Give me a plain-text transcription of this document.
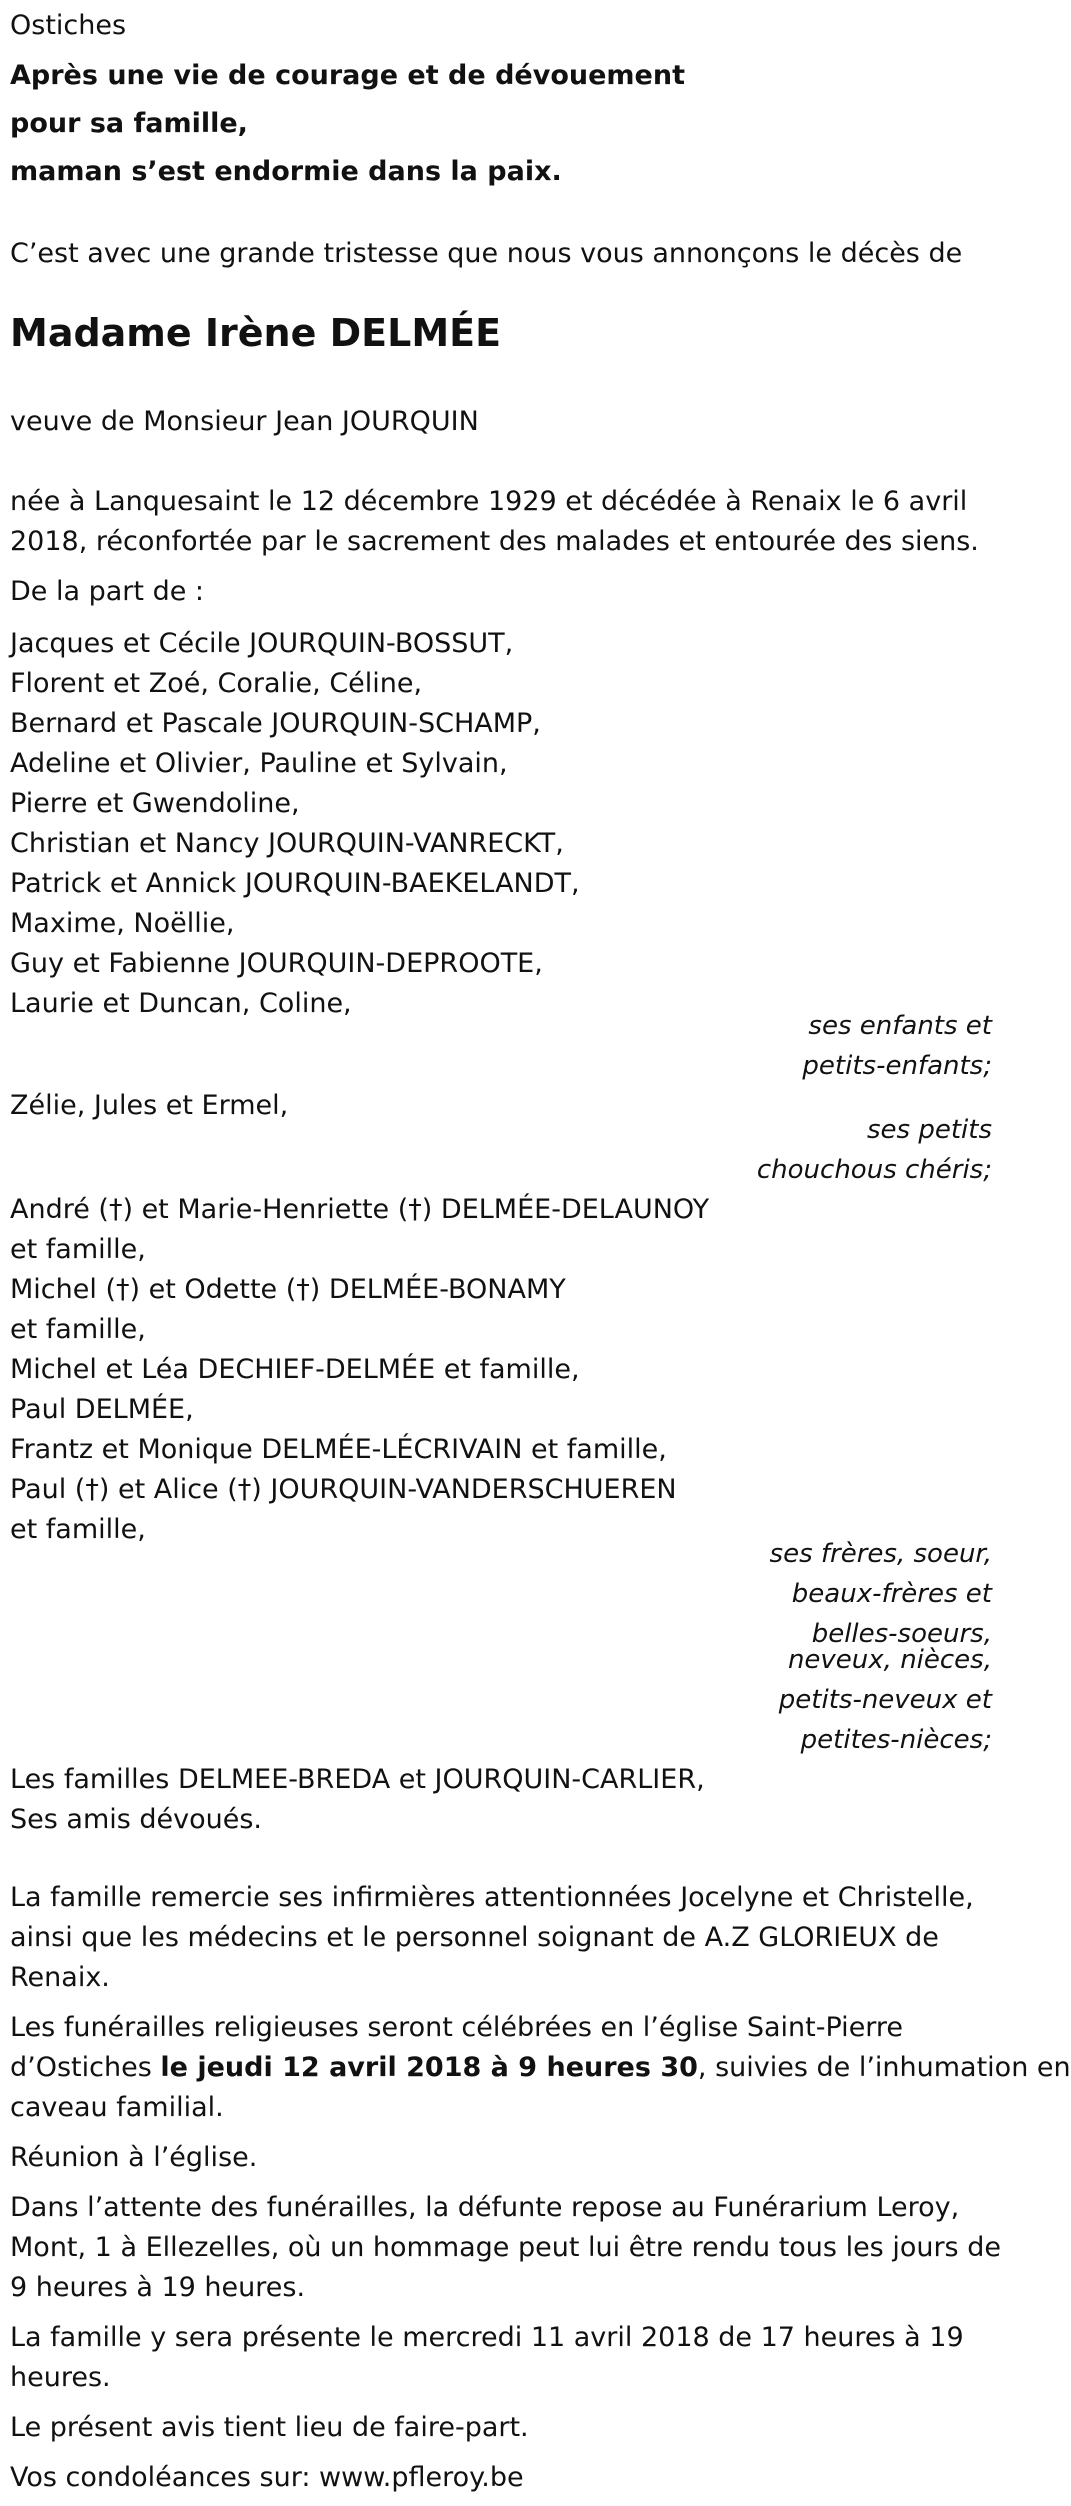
Ostiches
Après une vie de courage et de dévouement
pour sa famille,
maman s’est endormie dans la paix.
C’est avec une grande tristesse que nous vous annonçons le décès de
Madame Irène DELMÉE
veuve de Monsieur Jean JOURQUIN
née à Lanquesaint le 12 décembre 1929 et décédée à Renaix le 6 avril
2018, réconfortée par le sacrement des malades et entourée des siens.
De la part de :
Jacques et Cécile JOURQUIN-BOSSUT,
Florent et Zoé, Coralie, Céline,
Bernard et Pascale JOURQUIN-SCHAMP,
Adeline et Olivier, Pauline et Sylvain,
Pierre et Gwendoline,
Christian et Nancy JOURQUIN-VANRECKT,
Patrick et Annick JOURQUIN-BAEKELANDT,
Maxime, Noëllie,
Guy et Fabienne JOURQUIN-DEPROOTE,
Laurie et Duncan, Coline,
ses enfants et
petits-enfants;
Zélie, Jules et Ermel,
ses petits
chouchous chéris;
André (†) et Marie-Henriette (†) DELMÉE-DELAUNOY
et famille,
Michel (†) et Odette (†) DELMÉE-BONAMY
et famille,
Michel et Léa DECHIEF-DELMÉE et famille,
Paul DELMÉE,
Frantz et Monique DELMÉE-LÉCRIVAIN et famille,
Paul (†) et Alice (†) JOURQUIN-VANDERSCHUEREN
et famille,
ses frères, soeur,
beaux-frères et
belles-soeurs,
neveux, nièces,
petits-neveux et
petites-nièces;
Les familles DELMEE-BREDA et JOURQUIN-CARLIER,
Ses amis dévoués.
La famille remercie ses infirmières attentionnées Jocelyne et Christelle,
ainsi que les médecins et le personnel soignant de A.Z GLORIEUX de
Renaix.
Les funérailles religieuses seront célébrées en l’église Saint-Pierre
d’Ostiches le jeudi 12 avril 2018 à 9 heures 30, suivies de l’inhumation en
caveau familial.
Réunion à l’église.
Dans l’attente des funérailles, la défunte repose au Funérarium Leroy,
Mont, 1 à Ellezelles, où un hommage peut lui être rendu tous les jours de
9 heures à 19 heures.
La famille y sera présente le mercredi 11 avril 2018 de 17 heures à 19
heures.
Le présent avis tient lieu de faire-part.
Vos condoléances sur: www.pfleroy.be
